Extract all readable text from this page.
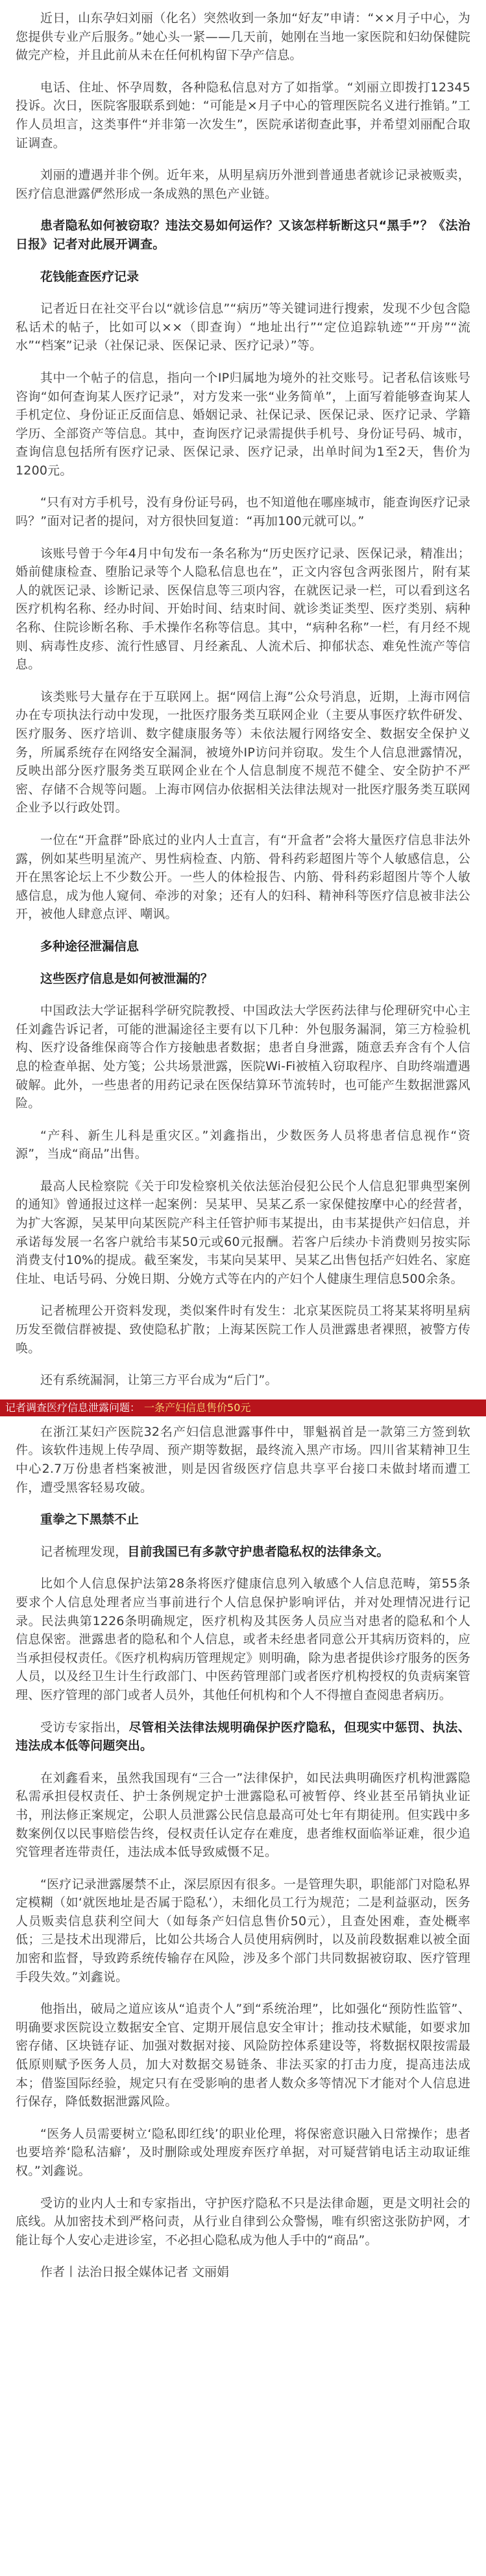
近日，山东孕妇刘丽（化名）突然收到一条加“好友”申请：“××月子中心，为您提供专业产后服务。”她心头一紧——几天前，她刚在当地一家医院和妇幼保健院做完产检，并且此前从未在任何机构留下孕产信息。

电话、住址、怀孕周数，各种隐私信息对方了如指掌。“刘丽立即拨打12345投诉。次日，医院客服联系到她：“可能是×月子中心的管理医院名义进行推销。”工作人员坦言，这类事件“并非第一次发生”，医院承诺彻查此事，并希望刘丽配合取证调查。

刘丽的遭遇并非个例。近年来，从明星病历外泄到普通患者就诊记录被贩卖，医疗信息泄露俨然形成一条成熟的黑色产业链。

患者隐私如何被窃取？违法交易如何运作？又该怎样斩断这只“黑手”？《法治日报》记者对此展开调查。

花钱能查医疗记录

记者近日在社交平台以“就诊信息”“病历”等关键词进行搜索，发现不少包含隐私话术的帖子，比如可以××（即查询）“地址出行”“定位追踪轨迹”“开房”“流水”“档案”记录（社保记录、医保记录、医疗记录）”等。

其中一个帖子的信息，指向一个IP归属地为境外的社交账号。记者私信该账号咨询“如何查询某人医疗记录”，对方发来一张“业务简单”，上面写着能够查询某人手机定位、身份证正反面信息、婚姻记录、社保记录、医保记录、医疗记录、学籍学历、全部资产等信息。其中，查询医疗记录需提供手机号、身份证号码、城市，查询信息包括所有医疗记录、医保记录、医疗记录，出单时间为1至2天，售价为1200元。

“只有对方手机号，没有身份证号码，也不知道他在哪座城市，能查询医疗记录吗？”面对记者的提问，对方很快回复道：“再加100元就可以。”

该账号曾于今年4月中旬发布一条名称为“历史医疗记录、医保记录，精准出；婚前健康检查、堕胎记录等个人隐私信息也在”，正文内容包含两张图片，附有某人的就医记录、诊断记录、医保信息等三项内容，在就医记录一栏，可以看到这名医疗机构名称、经办时间、开始时间、结束时间、就诊类证类型、医疗类别、病种名称、住院诊断名称、手术操作名称等信息。其中，“病种名称”一栏，有月经不规则、病毒性皮疹、流行性感冒、月经紊乱、人流术后、抑郁状态、难免性流产等信息。

该类账号大量存在于互联网上。据“网信上海”公众号消息，近期，上海市网信办在专项执法行动中发现，一批医疗服务类互联网企业（主要从事医疗软件研发、医疗服务、医疗培训、数字健康服务等）未依法履行网络安全、数据安全保护义务，所属系统存在网络安全漏洞，被境外IP访问并窃取。发生个人信息泄露情况，反映出部分医疗服务类互联网企业在个人信息制度不规范不健全、安全防护不严密、存储不合规等问题。上海市网信办依据相关法律法规对一批医疗服务类互联网企业予以行政处罚。

一位在“开盒群”卧底过的业内人士直言，有“开盒者”会将大量医疗信息非法外露，例如某些明星流产、男性病检查、内筋、骨科药彩超图片等个人敏感信息，公开在黑客论坛上不少数公开。一些人的体检报告、内筋、骨科药彩超图片等个人敏感信息，成为他人窥伺、牵涉的对象；还有人的妇科、精神科等医疗信息被非法公开，被他人肆意点评、嘲讽。

多种途径泄漏信息

这些医疗信息是如何被泄漏的？

中国政法大学证据科学研究院教授、中国政法大学医药法律与伦理研究中心主任刘鑫告诉记者，可能的泄漏途径主要有以下几种：外包服务漏洞，第三方检验机构、医疗设备维保商等合作方接触患者数据；患者自身泄露，随意丢弃含有个人信息的检查单据、处方笺；公共场景泄露，医院Wi-Fi被植入窃取程序、自助终端遭遇破解。此外，一些患者的用药记录在医保结算环节流转时，也可能产生数据泄露风险。

“产科、新生儿科是重灾区。”刘鑫指出，少数医务人员将患者信息视作“资源”，当成“商品”出售。

最高人民检察院《关于印发检察机关依法惩治侵犯公民个人信息犯罪典型案例的通知》曾通报过这样一起案例：吴某甲、吴某乙系一家保健按摩中心的经营者，为扩大客源，吴某甲向某医院产科主任管护师韦某提出，由韦某提供产妇信息，并承诺每发展一名客户就给韦某50元或60元报酬。若客户后续办卡消费则另按实际消费支付10%的提成。截至案发，韦某向吴某甲、吴某乙出售包括产妇姓名、家庭住址、电话号码、分娩日期、分娩方式等在内的产妇个人健康生理信息500余条。

记者梳理公开资料发现，类似案件时有发生：北京某医院员工将某某将明星病历发至微信群被提、致使隐私扩散；上海某医院工作人员泄露患者裸照，被警方传唤。

还有系统漏洞，让第三方平台成为“后门”。

记者调查医疗信息泄露问题： 一条产妇信息售价50元

在浙江某妇产医院32名产妇信息泄露事件中，罪魁祸首是一款第三方签到软件。该软件违规上传孕周、预产期等数据，最终流入黑产市场。四川省某精神卫生中心2.7万份患者档案被泄，则是因省级医疗信息共享平台接口未做封堵而遭工作，遭受黑客轻易攻破。

重拳之下黑禁不止

记者梳理发现，目前我国已有多款守护患者隐私权的法律条文。

比如个人信息保护法第28条将医疗健康信息列入敏感个人信息范畴，第55条要求个人信息处理者应当事前进行个人信息保护影响评估，并对处理情况进行记录。民法典第1226条明确规定，医疗机构及其医务人员应当对患者的隐私和个人信息保密。泄露患者的隐私和个人信息，或者未经患者同意公开其病历资料的，应当承担侵权责任。《医疗机构病历管理规定》则明确，除为患者提供诊疗服务的医务人员，以及经卫生计生行政部门、中医药管理部门或者医疗机构授权的负责病案管理、医疗管理的部门或者人员外，其他任何机构和个人不得擅自查阅患者病历。

受访专家指出，尽管相关法律法规明确保护医疗隐私，但现实中惩罚、执法、违法成本低等问题突出。

在刘鑫看来，虽然我国现有“三合一”法律保护，如民法典明确医疗机构泄露隐私需承担侵权责任、护士条例规定护士泄露隐私可被暂停、终业甚至吊销执业证书，刑法修正案规定，公职人员泄露公民信息最高可处七年有期徒刑。但实践中多数案例仅以民事赔偿告终，侵权责任认定存在难度，患者维权面临举证难，很少追究管理者连带责任，违法成本低导致威慑不足。

“医疗记录泄露屡禁不止，深层原因有很多。一是管理失职，职能部门对隐私界定模糊（如‘就医地址是否属于隐私’），未细化员工行为规范；二是利益驱动，医务人员贩卖信息获利空间大（如每条产妇信息售价50元），且查处困难，查处概率低；三是技术出现滞后，比如公共场合人员使用病例时，以及前段数据难以被全面加密和监督，导致跨系统传输存在风险，涉及多个部门共同数据被窃取、医疗管理手段失效。”刘鑫说。

他指出，破局之道应该从“追责个人”到“系统治理”，比如强化“预防性监管”、明确要求医院设立数据安全官、定期开展信息安全审计；推动技术赋能，如要求加密存储、区块链存证、加强对数据对接、风险防控体系建设等，将数据权限按需最低原则赋予医务人员，加大对数据交易链条、非法买家的打击力度，提高违法成本；借鉴国际经验，规定只有在受影响的患者人数众多等情况下才能对个人信息进行保存，降低数据泄露风险。

“医务人员需要树立‘隐私即红线’的职业伦理，将保密意识融入日常操作；患者也要培养‘隐私洁癖’，及时删除或处理废弃医疗单据，对可疑营销电话主动取证维权。”刘鑫说。

受访的业内人士和专家指出，守护医疗隐私不只是法律命题，更是文明社会的底线。从加密技术到严格问责，从行业自律到公众警惕，唯有织密这张防护网，才能让每个人安心走进诊室，不必担心隐私成为他人手中的“商品”。

作者丨法治日报全媒体记者 文丽娟
